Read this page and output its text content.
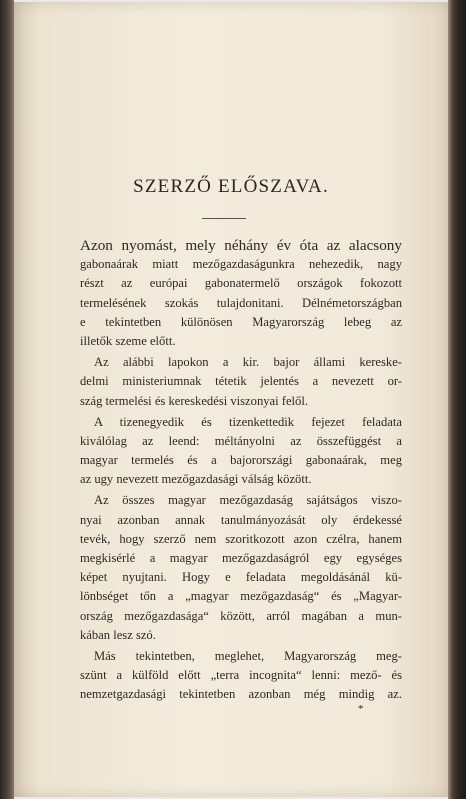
SZERZŐ ELŐSZAVA.
Azon nyomást, mely néhány év óta az alacsony
gabonaárak miatt mezőgazdaságunkra nehezedik, nagy
részt az európai gabonatermelő országok fokozott
termelésének szokás tulajdonitani. Délnémetországban
e tekintetben különösen Magyarország lebeg az
illetők szeme előtt.
Az alábbi lapokon a kir. bajor állami kereske-
delmi ministeriumnak tétetik jelentés a nevezett or-
szág termelési és kereskedési viszonyai felől.
A tizenegyedik és tizenkettedik fejezet feladata
kiválólag az leend: méltányolni az összefüggést a
magyar termelés és a bajorországi gabonaárak, meg
az ugy nevezett mezőgazdasági válság között.
Az összes magyar mezőgazdaság sajátságos viszo-
nyai azonban annak tanulmányozását oly érdekessé
tevék, hogy szerző nem szoritkozott azon czélra, hanem
megkisérlé a magyar mezőgazdaságról egy egységes
képet nyujtani. Hogy e feladata megoldásánál kü-
lönbséget tőn a „magyar mezőgazdaság“ és „Magyar-
ország mezőgazdasága“ között, arról magában a mun-
kában lesz szó.
Más tekintetben, meglehet, Magyarország meg-
szünt a külföld előtt „terra incognita“ lenni: mező- és
nemzetgazdasági tekintetben azonban még mindig az.
*
